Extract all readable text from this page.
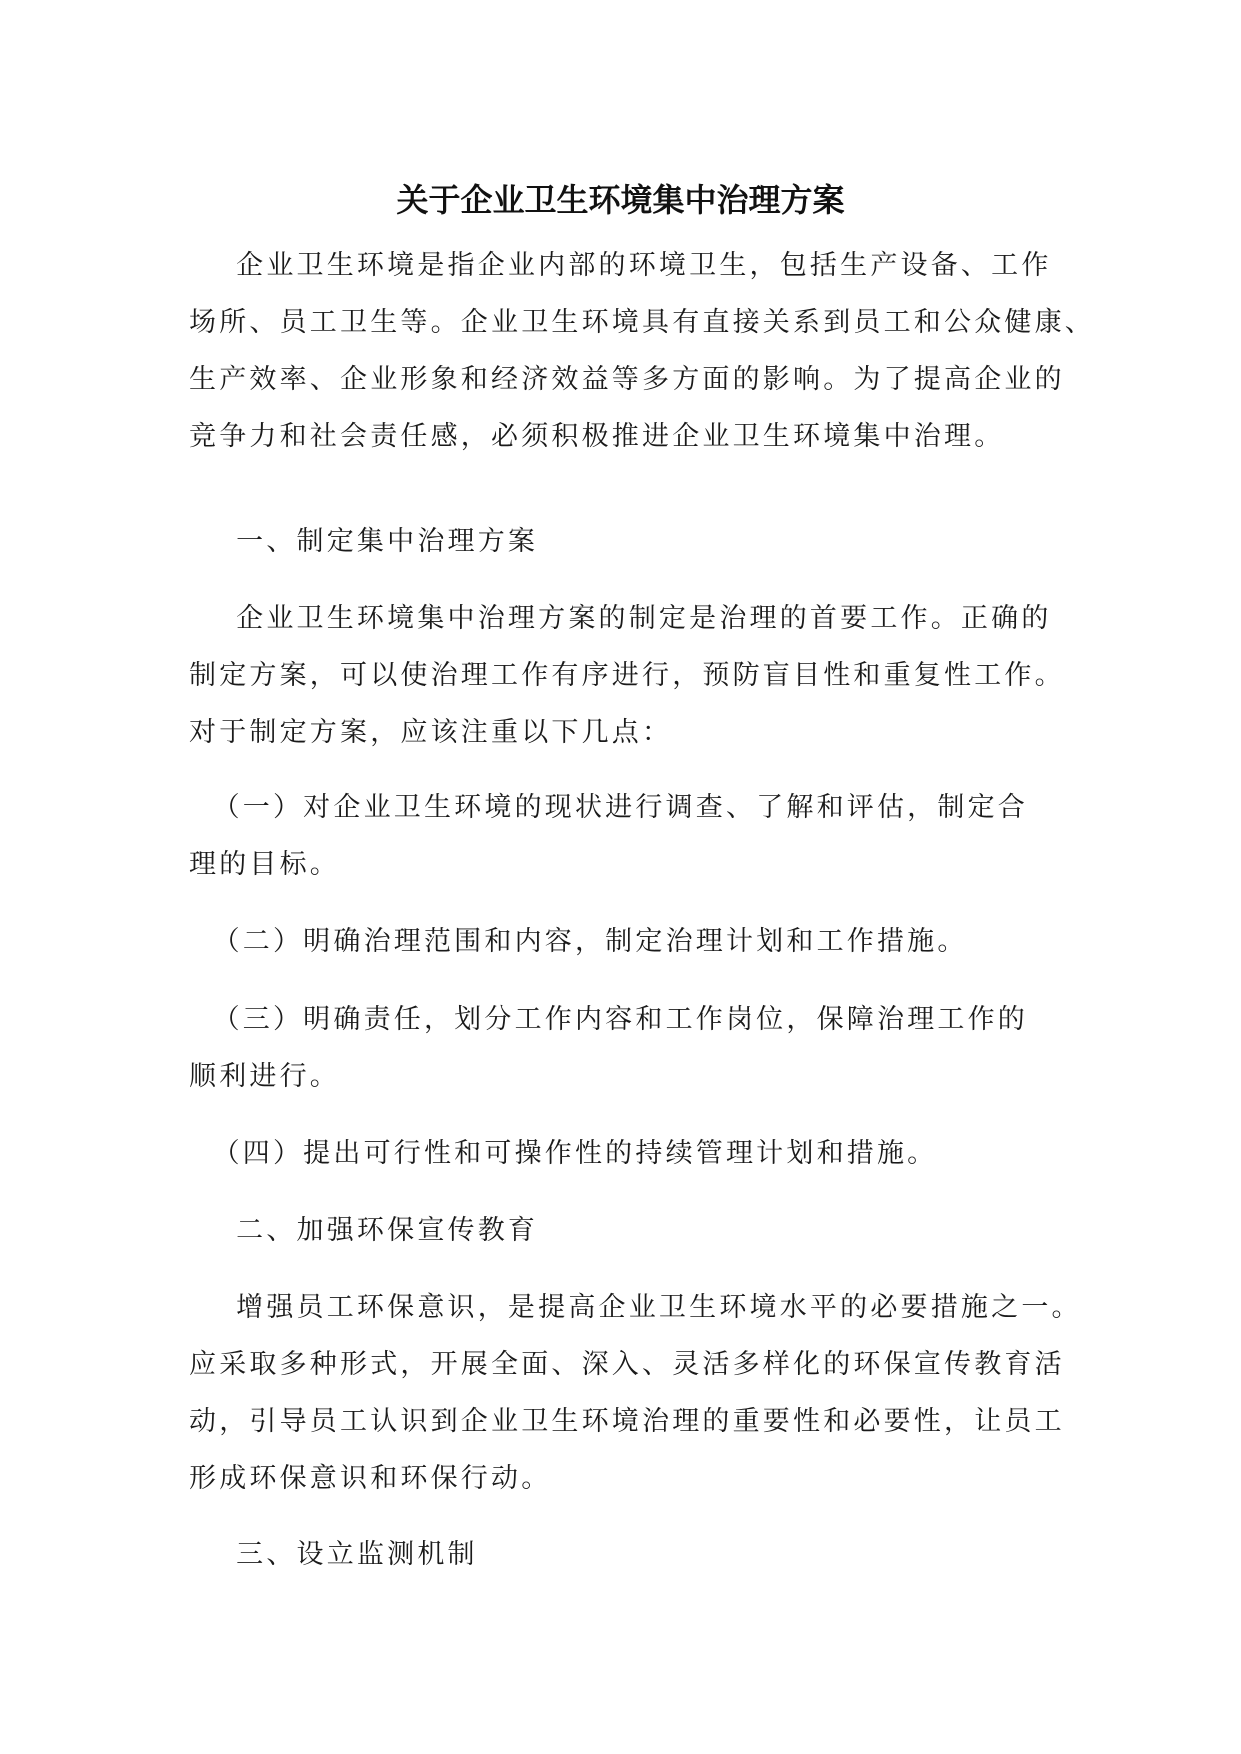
关于企业卫生环境集中治理方案

企业卫生环境是指企业内部的环境卫生，包括生产设备、工作
场所、员工卫生等。企业卫生环境具有直接关系到员工和公众健康、
生产效率、企业形象和经济效益等多方面的影响。为了提高企业的
竞争力和社会责任感，必须积极推进企业卫生环境集中治理。

一、制定集中治理方案

企业卫生环境集中治理方案的制定是治理的首要工作。正确的
制定方案，可以使治理工作有序进行，预防盲目性和重复性工作。
对于制定方案，应该注重以下几点：

（一）对企业卫生环境的现状进行调查、了解和评估，制定合
理的目标。

（二）明确治理范围和内容，制定治理计划和工作措施。

（三）明确责任，划分工作内容和工作岗位，保障治理工作的
顺利进行。

（四）提出可行性和可操作性的持续管理计划和措施。

二、加强环保宣传教育

增强员工环保意识，是提高企业卫生环境水平的必要措施之一。
应采取多种形式，开展全面、深入、灵活多样化的环保宣传教育活
动，引导员工认识到企业卫生环境治理的重要性和必要性，让员工
形成环保意识和环保行动。

三、设立监测机制
